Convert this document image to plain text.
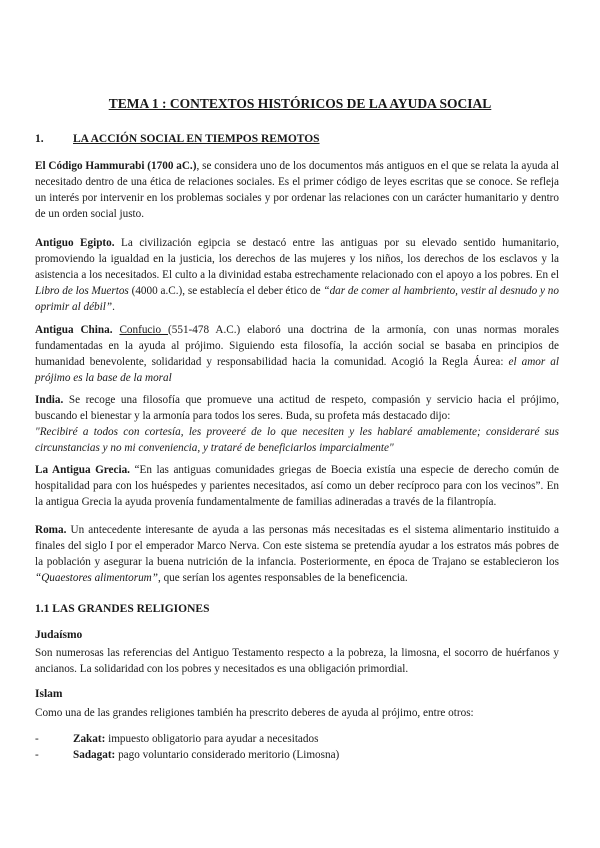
TEMA 1 : CONTEXTOS HISTÓRICOS DE LA AYUDA SOCIAL
1.	LA ACCIÓN SOCIAL EN TIEMPOS REMOTOS

El Código Hammurabi (1700 aC.), se considera uno de los documentos más antiguos en el que se relata la ayuda al necesitado dentro de una ética de relaciones sociales. Es el primer código de leyes escritas que se conoce. Se refleja un interés por intervenir en los problemas sociales y por ordenar las relaciones con un carácter humanitario y dentro de un orden social justo.

Antiguo Egipto. La civilización egipcia se destacó entre las antiguas por su elevado sentido humanitario, promoviendo la igualdad en la justicia, los derechos de las mujeres y los niños, los derechos de los esclavos y la asistencia a los necesitados. El culto a la divinidad estaba estrechamente relacionado con el apoyo a los pobres. En el Libro de los Muertos (4000 a.C.), se establecía el deber ético de “dar de comer al hambriento, vestir al desnudo y no oprimir al débil”.

Antigua China. Confucio (551-478 A.C.) elaboró una doctrina de la armonía, con unas normas morales fundamentadas en la ayuda al prójimo. Siguiendo esta filosofía, la acción social se basaba en principios de humanidad benevolente, solidaridad y responsabilidad hacia la comunidad. Acogió la Regla Áurea: el amor al prójimo es la base de la moral

India. Se recoge una filosofía que promueve una actitud de respeto, compasión y servicio hacia el prójimo, buscando el bienestar y la armonía para todos los seres. Buda, su profeta más destacado dijo:
"Recibiré a todos con cortesía, les proveeré de lo que necesiten y les hablaré amablemente; consideraré sus circunstancias y no mi conveniencia, y trataré de beneficiarlos imparcialmente"

La Antigua Grecia. “En las antiguas comunidades griegas de Boecia existía una especie de derecho común de hospitalidad para con los huéspedes y parientes necesitados, así como un deber recíproco para con los vecinos”. En la antigua Grecia la ayuda provenía fundamentalmente de familias adineradas a través de la filantropía.

Roma. Un antecedente interesante de ayuda a las personas más necesitadas es el sistema alimentario instituido a finales del siglo I por el emperador Marco Nerva. Con este sistema se pretendía ayudar a los estratos más pobres de la población y asegurar la buena nutrición de la infancia. Posteriormente, en época de Trajano se establecieron los “Quaestores alimentorum”, que serían los agentes responsables de la beneficencia.

1.1 LAS GRANDES RELIGIONES
Judaísmo

Son numerosas las referencias del Antiguo Testamento respecto a la pobreza, la limosna, el socorro de huérfanos y ancianos. La solidaridad con los pobres y necesitados es una obligación primordial.

Islam

Como una de las grandes religiones también ha prescrito deberes de ayuda al prójimo, entre otros:

-	Zakat: impuesto obligatorio para ayudar a necesitados
-	Sadagat: pago voluntario considerado meritorio (Limosna)
